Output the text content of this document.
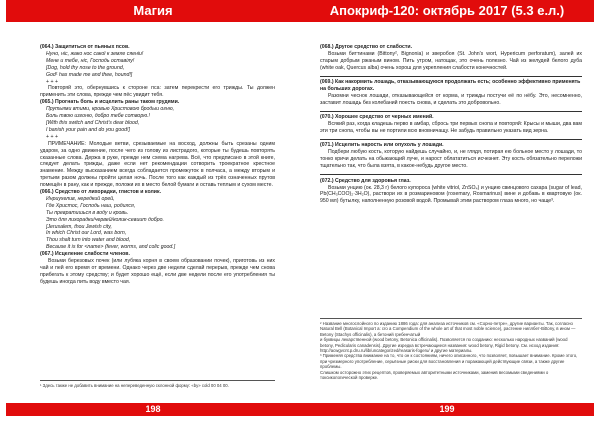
Магия
(064.) Защититься от пьяных псов.
Нуно, ніс, жако нос сакої к земле сяеніи!
Мене и тебе, ніс, Господь оставілу!
[Dog, hold thy nose to the ground,
God¹ has made me and thee, hound!]
+ + +
Повторяй это, обернувшись к стороне пса: затем перекрести его трижды. Ты должен применить эти слова, прежде чем пёс увидит тебя.
(065.) Прогнать боль и исцелить раны таком грудями.
Прутьями втими, кровью Христовою бродыи огню,
Боль твою изгоню, добро тебе сотворю.!
[With this switch and Christ's dear blood,
I banish your pain and do you good!]
+ + +
ПРИМЕЧАНИЕ: Молодые ветви, срезываемые на восход, должны быть срезаны одним ударом, за одно движение, после чего из голову из листрадого, которые ты будешь повторять сказанные слова. Держа в руке, прежде нем схема нагрева. Всё, что предписано в этой книге, следует делать трижды, даже если нет рекомендации сотворить троекратное крестное знамение. Между высказанием всегда собладается промежуток в полчаса, а между вторым и третьим разом должны пройти целая ночь. После того как каждый из трёх означенных прутов помещён в рану, как и прежде, положи их в место белой бумаги и оставь теплым и сухом месте.
(066.) Средство от лихорадки, глистов и колик.
Инриухелив, нередкий орей,
Где Христос, Господь наш, родился,
Ты превратишься в воду и кровь.
Это для лихорадки/червей/колик-севиит добро.
[Jerusalem, thou Jewish city,
In which Christ our Lord, was born,
Thou shalt turn into water and blood,
Because it is for <name> (fever, worms, and colic good.]
(067.) Исцеление слабости членов.
Возьми березовых почек (или лубяка корня в своем образовании почек), приготовь из них чай и пей его время от времени. Однако через две недели сделай перерыв, прежде чем снова прибегать к этому средству; и будет хорошо ещё, если две недели после его употребления ты будешь иногда пить воду вместо чая.
¹ Здесь также не добавить внимание на непереведенную склонной форму: «by» cold 00 04 00.
198
Апокриф-120: октябрь 2017 (5.3 е.л.)
(068.) Другое средство от слабости.
Возьми биттинами (Bittony², Bignonia) и зверобоя (St. John's wort, Hypericum perforatum), залей их старым добрым ржаным вином. Пить утром, натощак, это очень полезно. Чай из желудей белого дуба (white oak, Quercus alba) очень хорош для укрепления слабости конечностей.
(069.) Как накормить лошадь, отказывающуюся продолжать есть; особенно эффективно применять на больших дорогах.
Разомни чеснок лошади, отказывающейся от корма, и трижды постучи её по нёбу. Это, несомненно, заставит лошадь без колебаний поесть снова, и сделать это добровольно.
(070.) Хорошее средство от черных имений.
Всякий раз, когда кладешь перво в амбар, сбрось три первых снопа и повторяй: Крысы и мыши, два вам эти три снопа, чтобы вы не портили всю вновничащу. Не забудь правильно указать вид зерна.
(071.) Исцелить нарость или опухоль у лошади.
Подбери любую кость, которую найдешь случайно, и, не глядя, потирая ею больное место у лошади, то тонко кричи делать на обыкающий луче, и нарост облататиться исчезнет. Эту кость обязательно переложи тщательно так, что была взята, в какое-небудь другое место.
(072.) Средство для здоровья глаз.
Возьми унцию (ок. 28,3 г) белого купороса (white vitriol, ZnSO₄) и унцию свинцового сахара (sugar of lead, Pb(CH₃COO)₂·3H₂O), раствори их в розмариновом (rosemary, Rosmarinus) вине и добавь в квартовую (ок. 950 мл) бутылку, наполненную розовой водой. Промывай этим раствором глаза много, но чаще³.
² Название многослойного по изданию 1886 года: для анализа источников см. «Сорно-петре», другие варианты. Так, согласно Natural Bell (Botanical Import a: cro a Compendium of the whole art of that most noble science), растение ниллбет-Bittony, в ином — Betony (Stachys officinalis), а бетоний гребенчатый
и буквицы лекарственной (wood betony, Betonica officinalis). Позволяется по созданию: несколько народных названий (wood betony, Pedicularis canadensis). Другие изредка встречающиеся названия: wood betony, Rigid betony. См. исход издания: http://acwgvcnt.p.dru.ru/lib/uncategorized/reasaris-fogeru/ и другие материалы.
³ Применяя средства внимание на то, что он к состояниям, ничего описанного, что позволяет, повышает внимание. Кроме этого, при чрезмерного употребление, серьёзные риски для восстановления и поражающей действующие связи, а также другие проблемы.
Слишком осторожно этих рецептов, проверяемых авторитетными источниками, заменив весомыми сведениями о токсикологической проверке.
199
